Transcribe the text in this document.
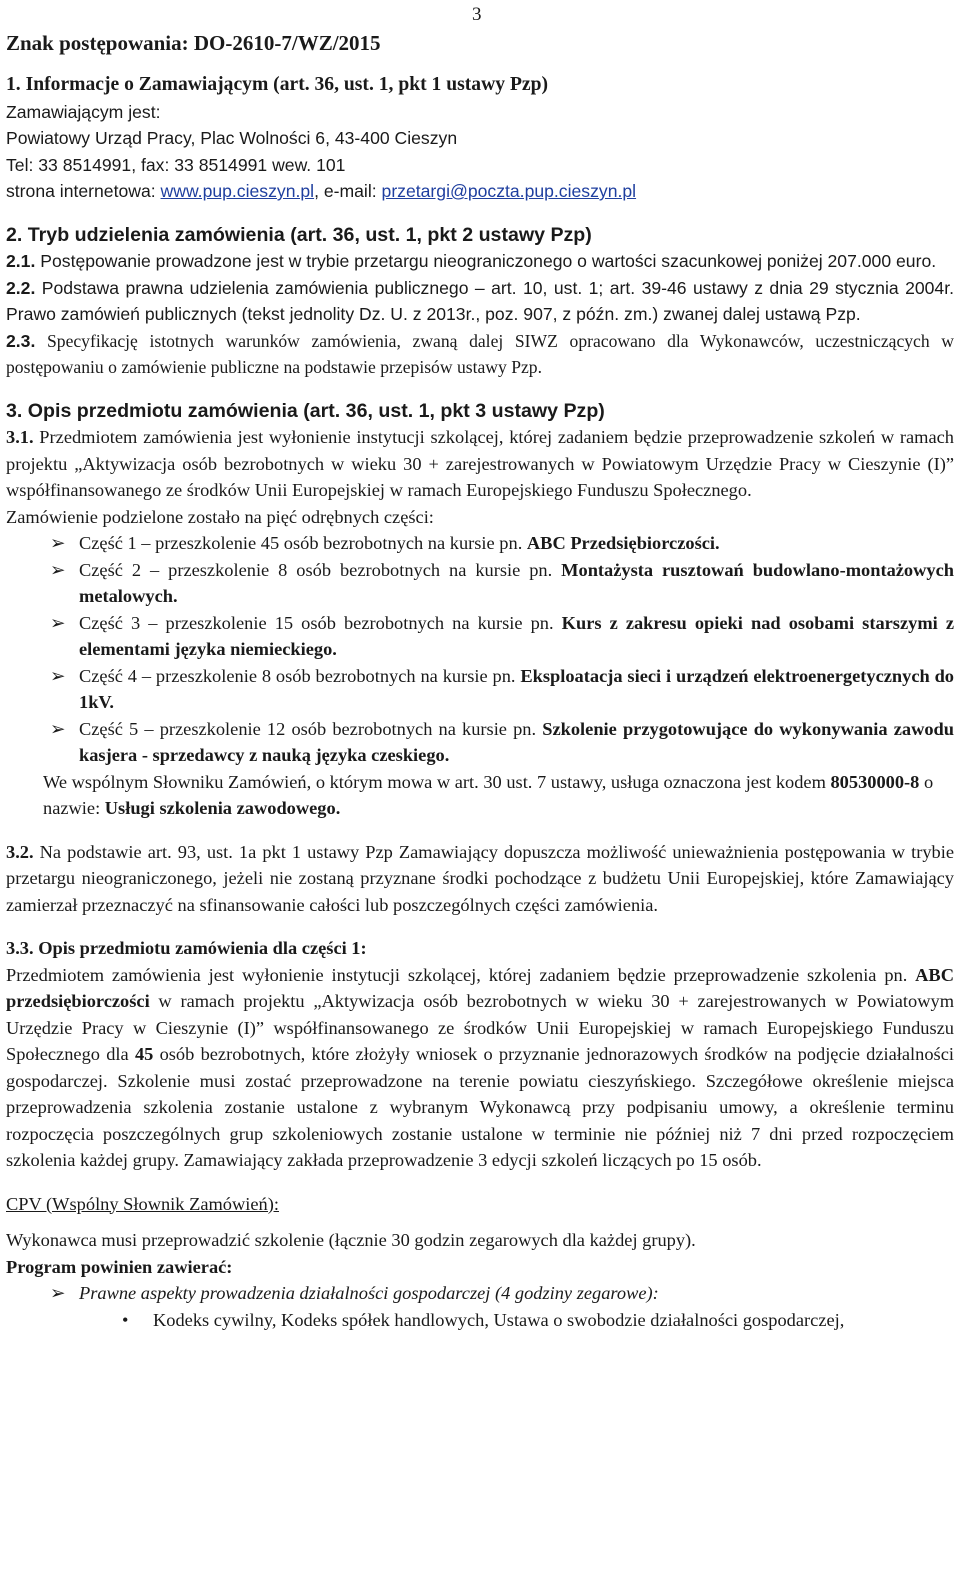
3
Znak postępowania: DO-2610-7/WZ/2015

1. Informacje o Zamawiającym (art. 36, ust. 1, pkt 1 ustawy Pzp)

Zamawiającym jest:

Powiatowy Urząd Pracy, Plac Wolności 6, 43-400 Cieszyn

Tel: 33 8514991, fax: 33 8514991 wew. 101

strona internetowa: www.pup.cieszyn.pl, e-mail: przetargi@poczta.pup.cieszyn.pl

2. Tryb udzielenia zamówienia (art. 36, ust. 1, pkt 2 ustawy Pzp)

2.1. Postępowanie prowadzone jest w trybie przetargu nieograniczonego o wartości szacunkowej poniżej 207.000 euro.

2.2. Podstawa prawna udzielenia zamówienia publicznego – art. 10, ust. 1; art. 39-46 ustawy z dnia 29 stycznia 2004r. Prawo zamówień publicznych (tekst jednolity Dz. U. z 2013r., poz. 907, z późn. zm.) zwanej dalej ustawą Pzp.

2.3. Specyfikację istotnych warunków zamówienia, zwaną dalej SIWZ opracowano dla Wykonawców, uczestniczących w postępowaniu o zamówienie publiczne na podstawie przepisów ustawy Pzp.

3. Opis przedmiotu zamówienia (art. 36, ust. 1, pkt 3 ustawy Pzp)

3.1. Przedmiotem zamówienia jest wyłonienie instytucji szkolącej, której zadaniem będzie przeprowadzenie szkoleń w ramach projektu „Aktywizacja osób bezrobotnych w wieku 30 + zarejestrowanych w Powiatowym Urzędzie Pracy w Cieszynie (I)” współfinansowanego ze środków Unii Europejskiej w ramach Europejskiego Funduszu Społecznego.

Zamówienie podzielone zostało na pięć odrębnych części:

➢ Część 1 – przeszkolenie 45 osób bezrobotnych na kursie pn. ABC Przedsiębiorczości.
➢ Część 2 – przeszkolenie 8 osób bezrobotnych na kursie pn. Montażysta rusztowań budowlano-montażowych metalowych.
➢ Część 3 – przeszkolenie 15 osób bezrobotnych na kursie pn. Kurs z zakresu opieki nad osobami starszymi z elementami języka niemieckiego.
➢ Część 4 – przeszkolenie 8 osób bezrobotnych na kursie pn. Eksploatacja sieci i urządzeń elektroenergetycznych do 1kV.
➢ Część 5 – przeszkolenie 12 osób bezrobotnych na kursie pn. Szkolenie przygotowujące do wykonywania zawodu kasjera - sprzedawcy z nauką języka czeskiego.

We wspólnym Słowniku Zamówień, o którym mowa w art. 30 ust. 7 ustawy, usługa oznaczona jest kodem 80530000-8 o nazwie: Usługi szkolenia zawodowego.

3.2. Na podstawie art. 93, ust. 1a pkt 1 ustawy Pzp Zamawiający dopuszcza możliwość unieważnienia postępowania w trybie przetargu nieograniczonego, jeżeli nie zostaną przyznane środki pochodzące z budżetu Unii Europejskiej, które Zamawiający zamierzał przeznaczyć na sfinansowanie całości lub poszczególnych części zamówienia.

3.3. Opis przedmiotu zamówienia dla części 1:

Przedmiotem zamówienia jest wyłonienie instytucji szkolącej, której zadaniem będzie przeprowadzenie szkolenia pn. ABC przedsiębiorczości w ramach projektu „Aktywizacja osób bezrobotnych w wieku 30 + zarejestrowanych w Powiatowym Urzędzie Pracy w Cieszynie (I)” współfinansowanego ze środków Unii Europejskiej w ramach Europejskiego Funduszu Społecznego dla 45 osób bezrobotnych, które złożyły wniosek o przyznanie jednorazowych środków na podjęcie działalności gospodarczej. Szkolenie musi zostać przeprowadzone na terenie powiatu cieszyńskiego. Szczegółowe określenie miejsca przeprowadzenia szkolenia zostanie ustalone z wybranym Wykonawcą przy podpisaniu umowy, a określenie terminu rozpoczęcia poszczególnych grup szkoleniowych zostanie ustalone w terminie nie później niż 7 dni przed rozpoczęciem szkolenia każdej grupy. Zamawiający zakłada przeprowadzenie 3 edycji szkoleń liczących po 15 osób.

CPV (Wspólny Słownik Zamówień):

Wykonawca musi przeprowadzić szkolenie (łącznie 30 godzin zegarowych dla każdej grupy).

Program powinien zawierać:

➢ Prawne aspekty prowadzenia działalności gospodarczej (4 godziny zegarowe):
• Kodeks cywilny, Kodeks spółek handlowych, Ustawa o swobodzie działalności gospodarczej,
